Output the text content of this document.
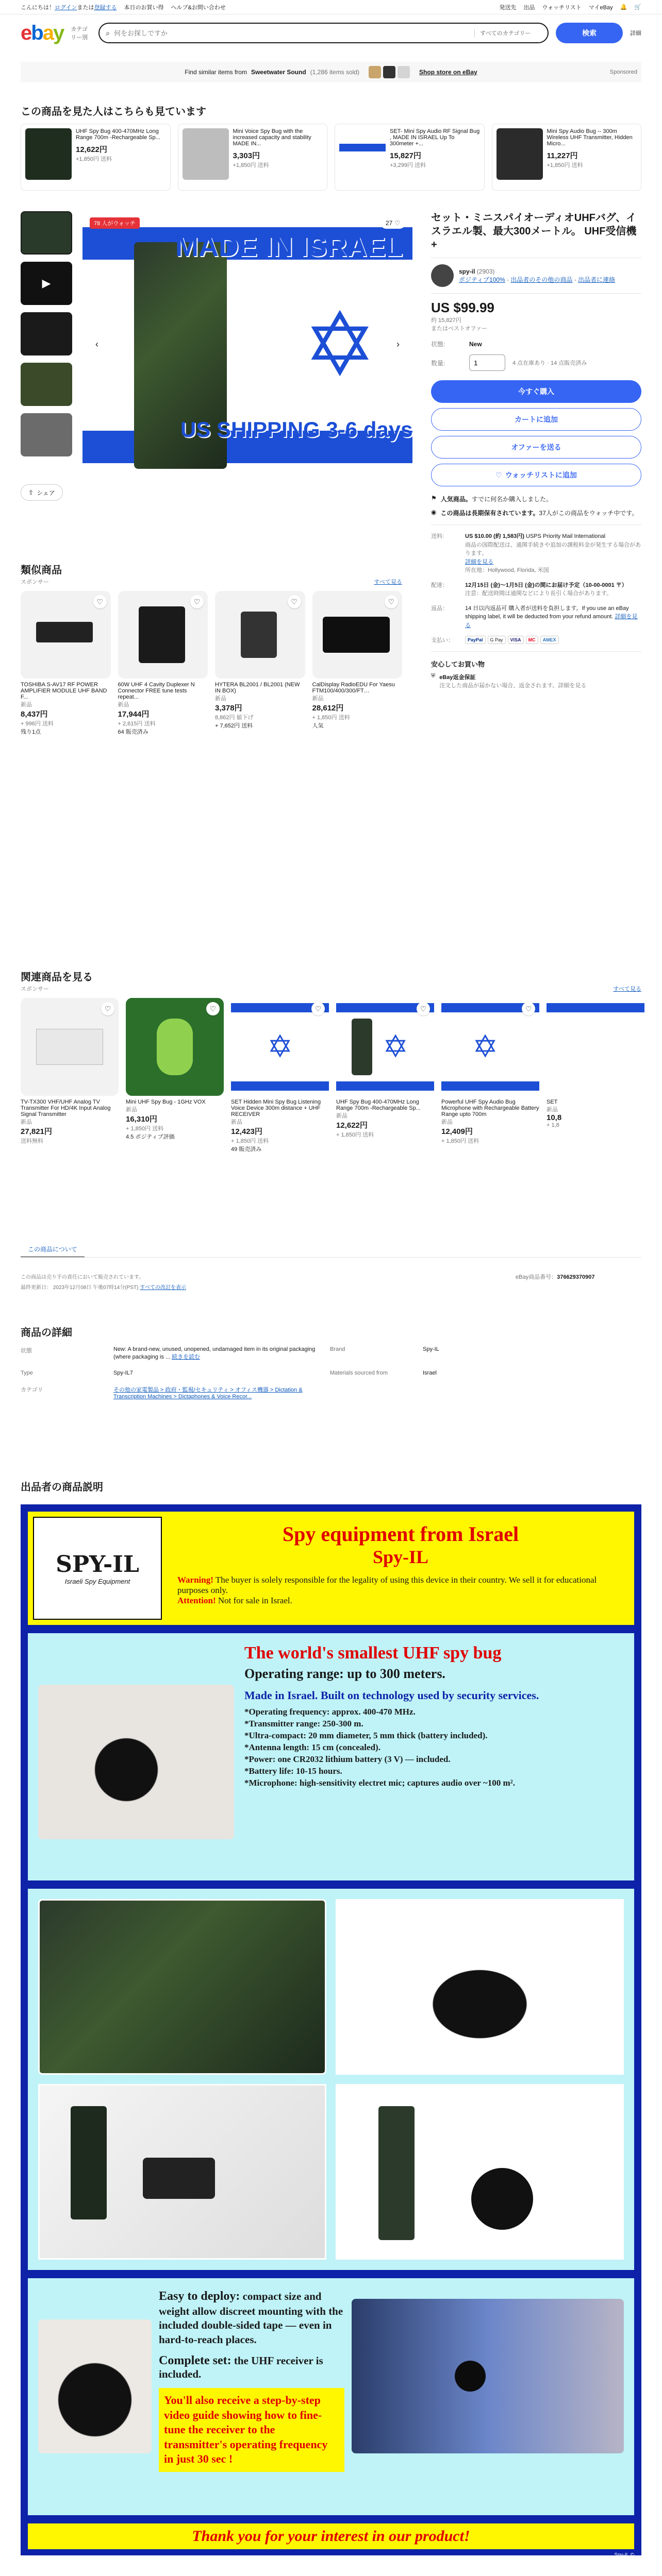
こんにちは！ログインまたは登録する 本日のお買い得 ヘルプ&お問い合わせ	発送先 出品 ウォッチリスト マイeBay 🔔 🛒
ebay カテゴリー別
⌕
何をお探しですか	すべてのカテゴリー	検索	詳細
Find similar items from Sweetwater Sound (1,286 items sold)	Shop store on eBay	Sponsored
この商品を見た人はこちらも見ています
UHF Spy Bug 400-470MHz Long Range 700m -Rechargeable Sp...
12,622円
+1,850円 送料
Mini Voice Spy Bug with the increased capacity and stability MADE IN...
3,303円
+1,850円 送料
SET- Mini Spy Audio RF Signal Bug , MADE IN ISRAEL Up To 300meter +...
15,827円
+3,299円 送料
Mini Spy Audio Bug -- 300m Wireless UHF Transmitter, Hidden Micro...
11,227円
+1,850円 送料
▶
✡
MADE IN ISRAEL
US SHIPPING 3-6 days
78 人がウォッチ	27 ♡
‹	›
⇪ シェア
セット・ミニスパイオーディオUHFバグ、イスラエル製、最大300メートル。 UHF受信機+
spy-il (2903)
ポジティブ100% · 出品者のその他の商品 · 出品者に連絡
US $99.99
約 15,827円
またはベストオファー
状態:	New
数量:
1	4 点在庫あり · 14 点販売済み
今すぐ購入
カートに追加
オファーを送る
♡ ウォッチリストに追加
⚑ 人気商品。すでに何名か購入しました。
◉ この商品は長期保有されています。37人がこの商品をウォッチ中です。
送料:	US $10.00 (約 1,583円) USPS Priority Mail International
商品の国際配送は、通関手続きや追加の課税料金が発生する場合があります。
詳細を見る
所在地：Hollywood, Florida, 米国
配達：	12月15日 (金)～1月5日 (金)の間にお届け予定（10-00-0001 〒）
注意：配送時間は通関などにより長引く場合があります。
返品：	14 日以内返品可 購入者が送料を負担します。If you use an eBay shipping label, it will be deducted from your refund amount. 詳細を見る
支払い：	PayPal	G Pay	VISA	MC	AMEX
安心してお買い物
⛨ eBay返金保証
注文した商品が届かない場合、返金されます。詳細を見る
類似商品
スポンサー	すべて見る
♡
TOSHIBA S-AV17 RF POWER AMPLIFIER MODULE UHF BAND F...
新品
8,437円
+ 996円 送料
残り1点
♡
60W UHF 4 Cavity Duplexer N Connector FREE tune tests repeat...
新品
17,944円
+ 2,615円 送料
64 販売済み
♡
HYTERA BL2001 / BL2001 (NEW IN BOX)
新品
3,378円
8,862円 値下げ
+ 7,652円 送料
♡
CalDisplay RadioEDU For Yaesu FTM100/400/300/FT…
新品
28,612円
+ 1,850円 送料
人気
関連商品を見る
スポンサー	すべて見る
♡
TV-TX300 VHF/UHF Analog TV Transmitter For HD/4K Input Analog Signal Transmitter
新品
27,821円
送料無料
♡
Mini UHF Spy Bug - 1GHz VOX
新品
16,310円
+ 1,850円 送料
4.5 ポジティブ評価
✡
♡
SET Hidden Mini Spy Bug Listening Voice Device 300m distance + UHF RECEIVER
新品
12,423円
+ 1,850円 送料
49 販売済み
✡
♡
UHF Spy Bug 400-470MHz Long Range 700m -Rechargeable Sp...
新品
12,622円
+ 1,850円 送料
✡
♡
Powerful UHF Spy Audio Bug Microphone with Rechargeable Battery Range upto 700m
新品
12,409円
+ 1,850円 送料
SET
新品
10,8
+ 1,8
この商品について
この商品は売り手の責任において販売されています。
最終更新日： 2023年12月08日 午後07時14分(PST) すべての改訂を表示
eBay商品番号：376629370907
商品の詳細
状態	New: A brand-new, unused, unopened, undamaged item in its original packaging (where packaging is ... 続きを読む
Brand	Spy-IL
Type	Spy-IL7	Materials sourced from	Israel
カテゴリ	その他の家電製品 > 政府・監視/セキュリティ > オフィス機器 > Dictation & Transcription Machines > Dictaphones & Voice Recor...
出品者の商品説明
SPY-IL
Israeli Spy Equipment
Spy equipment from Israel
Spy-IL
Warning! The buyer is solely responsible for the legality of using this device in their country. We sell it for educational purposes only.
Attention! Not for sale in Israel.
The world's smallest UHF spy bug
Operating range: up to 300 meters.
Made in Israel. Built on technology used by security services.
*Operating frequency: approx. 400-470 MHz.
*Transmitter range: 250-300 m.
*Ultra-compact: 20 mm diameter, 5 mm thick (battery included).
*Antenna length: 15 cm (concealed).
*Power: one CR2032 lithium battery (3 V) — included.
*Battery life: 10-15 hours.
*Microphone: high-sensitivity electret mic; captures audio over ~100 m².
Easy to deploy: compact size and weight allow discreet mounting with the included double-sided tape — even in hard-to-reach places.
Complete set: the UHF receiver is included.
You'll also receive a step-by-step video guide showing how to fine-tune the receiver to the transmitter's operating frequency in just 30 sec !
Thank you for your interest in our product!
Spy-IL ©
